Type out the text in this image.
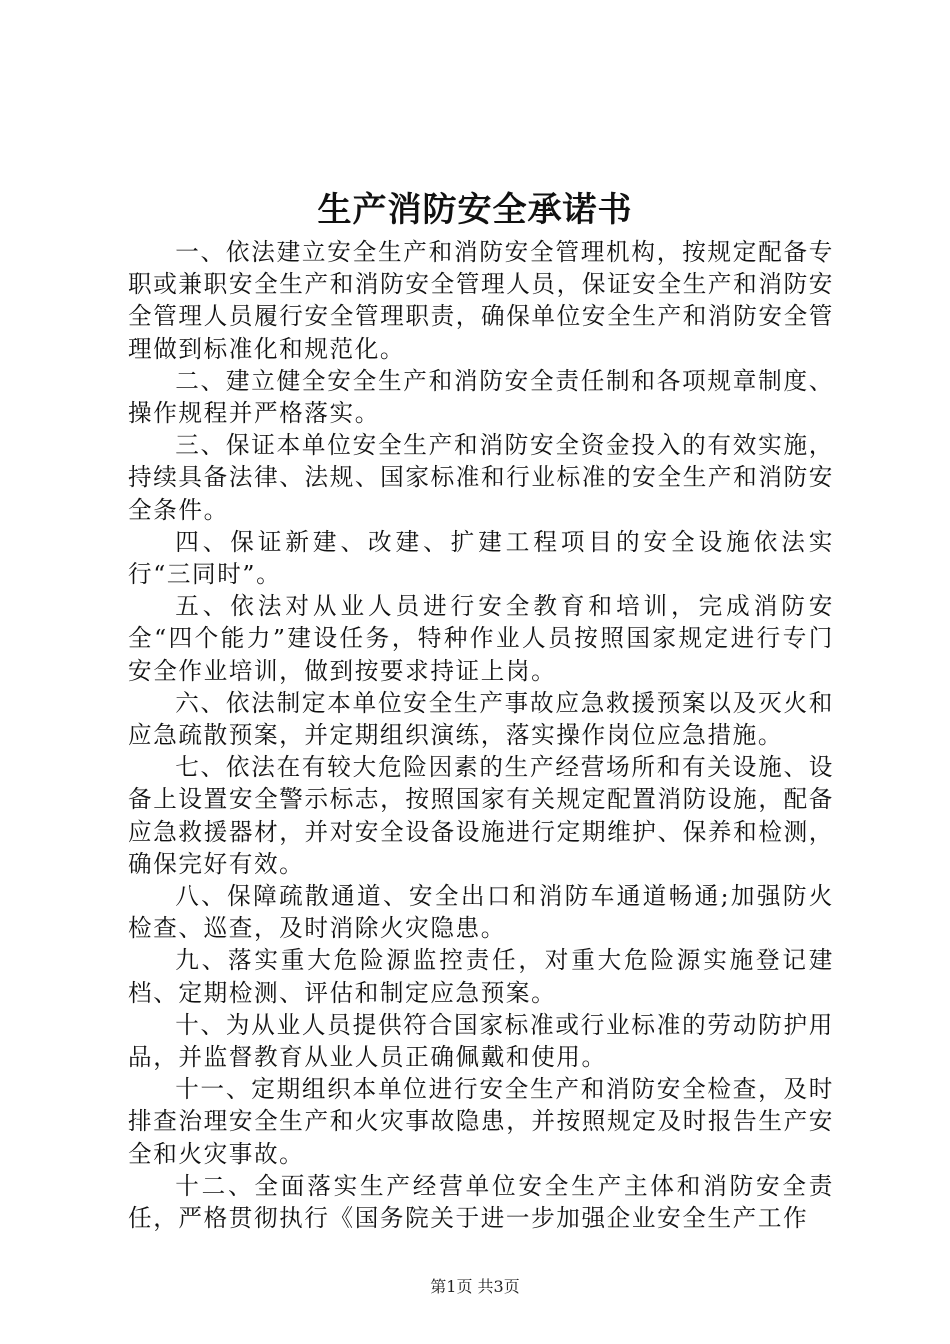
生产消防安全承诺书

一、依法建立安全生产和消防安全管理机构，按规定配备专职或兼职安全生产和消防安全管理人员，保证安全生产和消防安全管理人员履行安全管理职责，确保单位安全生产和消防安全管理做到标准化和规范化。

二、建立健全安全生产和消防安全责任制和各项规章制度、操作规程并严格落实。

三、保证本单位安全生产和消防安全资金投入的有效实施，持续具备法律、法规、国家标准和行业标准的安全生产和消防安全条件。

四、保证新建、改建、扩建工程项目的安全设施依法实行“三同时”。

五、依法对从业人员进行安全教育和培训，完成消防安全“四个能力”建设任务，特种作业人员按照国家规定进行专门安全作业培训，做到按要求持证上岗。

六、依法制定本单位安全生产事故应急救援预案以及灭火和应急疏散预案，并定期组织演练，落实操作岗位应急措施。

七、依法在有较大危险因素的生产经营场所和有关设施、设备上设置安全警示标志，按照国家有关规定配置消防设施，配备应急救援器材，并对安全设备设施进行定期维护、保养和检测，确保完好有效。

八、保障疏散通道、安全出口和消防车通道畅通;加强防火检查、巡查，及时消除火灾隐患。

九、落实重大危险源监控责任，对重大危险源实施登记建档、定期检测、评估和制定应急预案。

十、为从业人员提供符合国家标准或行业标准的劳动防护用品，并监督教育从业人员正确佩戴和使用。

十一、定期组织本单位进行安全生产和消防安全检查，及时排查治理安全生产和火灾事故隐患，并按照规定及时报告生产安全和火灾事故。

十二、全面落实生产经营单位安全生产主体和消防安全责任，严格贯彻执行《国务院关于进一步加强企业安全生产工作

第1页 共3页
